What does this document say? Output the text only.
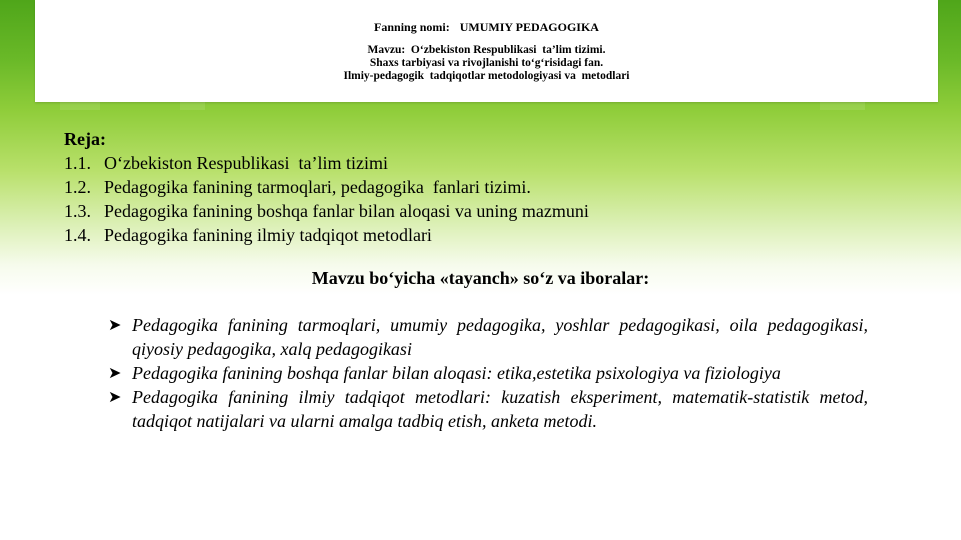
Fanning nomi: UMUMIY PEDAGOGIKA
Mavzu:  O‘zbekiston Respublikasi  ta’lim tizimi.
Shaxs tarbiyasi va rivojlanishi to‘g‘risidagi fan.
Ilmiy-pedagogik  tadqiqotlar metodologiyasi va  metodlari
Reja:
1.1. O‘zbekiston Respublikasi  ta’lim tizimi
1.2. Pedagogika fanining tarmoqlari, pedagogika  fanlari tizimi.
1.3. Pedagogika fanining boshqa fanlar bilan aloqasi va uning mazmuni
1.4. Pedagogika fanining ilmiy tadqiqot metodlari
Mavzu bo‘yicha «tayanch» so‘z va iboralar:
➤ Pedagogika fanining tarmoqlari, umumiy pedagogika, yoshlar pedagogikasi, oila pedagogikasi, qiyosiy pedagogika, xalq pedagogikasi
➤ Pedagogika fanining boshqa fanlar bilan aloqasi: etika,estetika psixologiya va fiziologiya
➤ Pedagogika fanining ilmiy tadqiqot metodlari: kuzatish eksperiment, matematik-statistik metod, tadqiqot natijalari va ularni amalga tadbiq etish, anketa metodi.
